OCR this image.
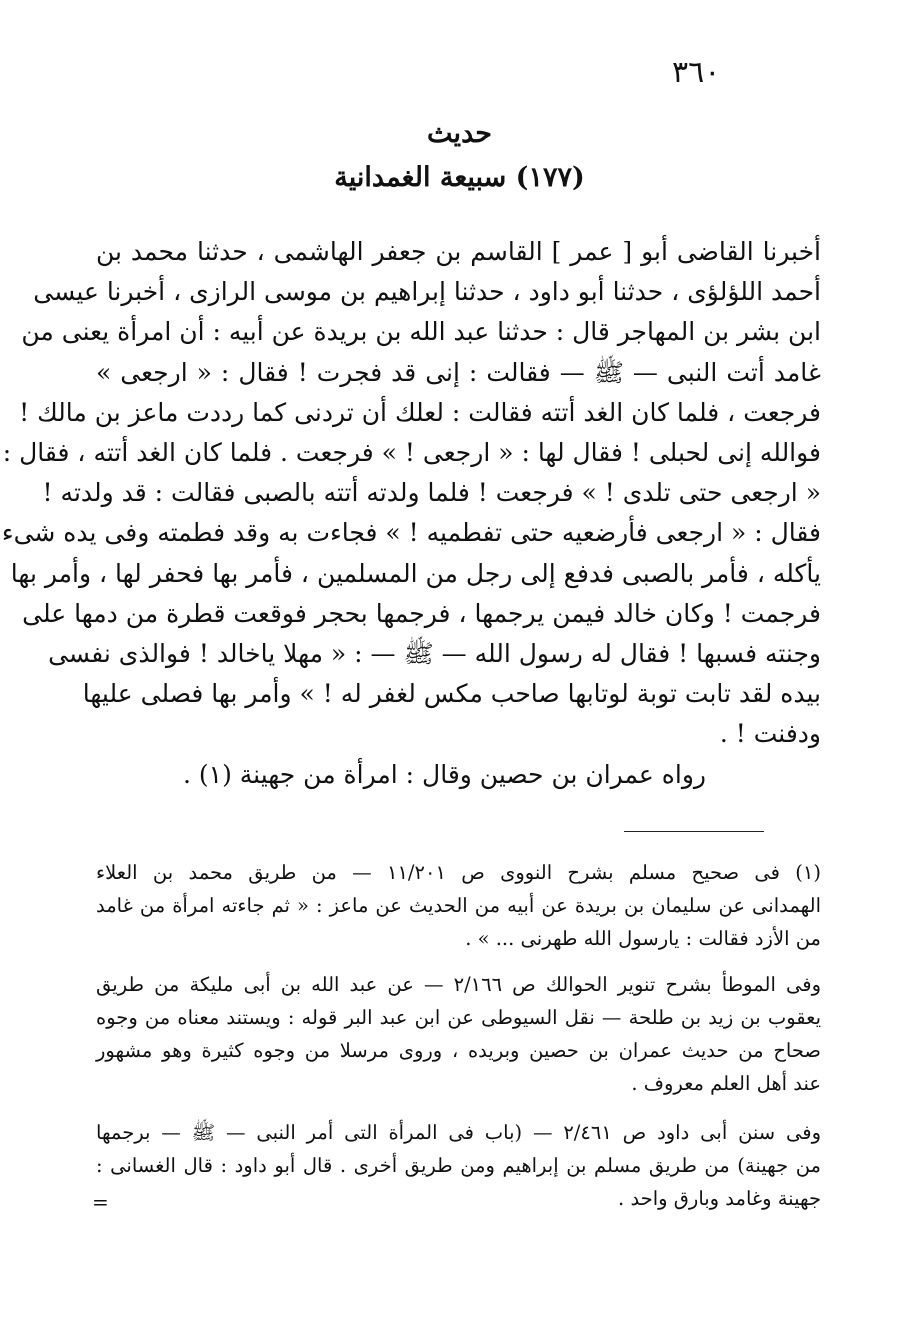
٣٦٠
حديث
(١٧٧) سبيعة الغمدانية
أخبرنا القاضى أبو [ عمر ] القاسم بن جعفر الهاشمى ، حدثنا محمد بن
أحمد اللؤلؤى ، حدثنا أبو داود ، حدثنا إبراهيم بن موسى الرازى ، أخبرنا عيسى
ابن بشر بن المهاجر قال : حدثنا عبد الله بن بريدة عن أبيه : أن امرأة يعنى من
غامد أتت النبى — ﷺ — فقالت : إنى قد فجرت ! فقال : « ارجعى »
فرجعت ، فلما كان الغد أتته فقالت : لعلك أن تردنى كما رددت ماعز بن مالك !
فوالله إنى لحبلى ! فقال لها : « ارجعى ! » فرجعت . فلما كان الغد أتته ، فقال :
« ارجعى حتى تلدى ! » فرجعت ! فلما ولدته أتته بالصبى فقالت : قد ولدته !
فقال : « ارجعى فأرضعيه حتى تفطميه ! » فجاءت به وقد فطمته وفى يده شىء
يأكله ، فأمر بالصبى فدفع إلى رجل من المسلمين ، فأمر بها فحفر لها ، وأمر بها
فرجمت ! وكان خالد فيمن يرجمها ، فرجمها بحجر فوقعت قطرة من دمها على
وجنته فسبها ! فقال له رسول الله — ﷺ — : « مهلا ياخالد ! فوالذى نفسى
بيده لقد تابت توبة لوتابها صاحب مكس لغفر له ! » وأمر بها فصلى عليها
ودفنت ! .
رواه عمران بن حصين وقال : امرأة من جهينة (١) .
(١) فى صحيح مسلم بشرح النووى ص ١١/٢٠١ — من طريق محمد بن العلاء
الهمدانى عن سليمان بن بريدة عن أبيه من الحديث عن ماعز : « ثم جاءته امرأة من غامد
من الأزد فقالت : يارسول الله طهرنى ... » .
وفى الموطأ بشرح تنوير الحوالك ص ٢/١٦٦ — عن عبد الله بن أبى مليكة من طريق
يعقوب بن زيد بن طلحة — نقل السيوطى عن ابن عبد البر قوله : ويستند معناه من وجوه
صحاح من حديث عمران بن حصين وبريده ، وروى مرسلا من وجوه كثيرة وهو مشهور
عند أهل العلم معروف .
وفى سنن أبى داود ص ٢/٤٦١ — (باب فى المرأة التى أمر النبى — ﷺ — برجمها
من جهينة) من طريق مسلم بن إبراهيم ومن طريق أخرى . قال أبو داود : قال الغسانى :
جهينة وغامد وبارق واحد .
=
